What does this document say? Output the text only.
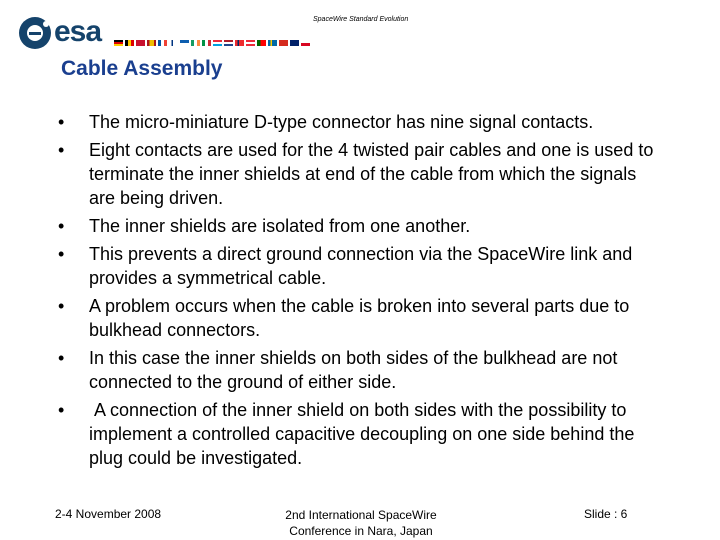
esa	SpaceWire Standard Evolution
Cable Assembly
• The micro-miniature D-type connector has nine signal contacts.
• Eight contacts are used for the 4 twisted pair cables and one is used to terminate the inner shields at end of the cable from which the signals are being driven.
• The inner shields are isolated from one another.
• This prevents a direct ground connection via the SpaceWire link and provides a symmetrical cable.
• A problem occurs when the cable is broken into several parts due to bulkhead connectors.
• In this case the inner shields on both sides of the bulkhead are not connected to the ground of either side.
• A connection of the inner shield on both sides with the possibility to implement a controlled capacitive decoupling on one side behind the plug could be investigated.
2-4 November 2008	2nd International SpaceWire
Conference in Nara, Japan
Slide : 6
